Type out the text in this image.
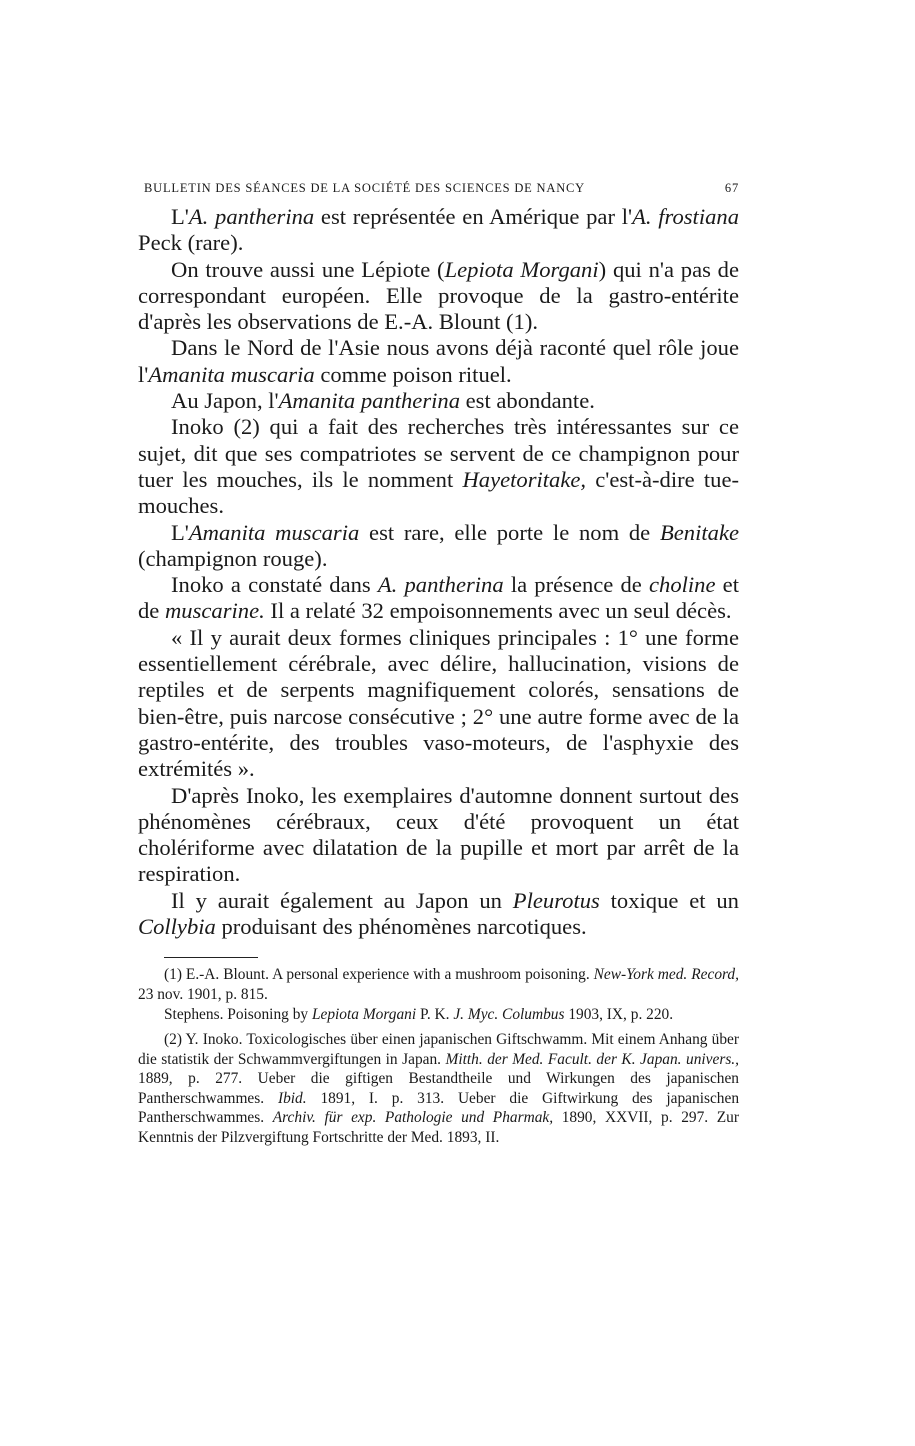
BULLETIN DES SÉANCES DE LA SOCIÉTÉ DES SCIENCES DE NANCY	67

L'A. pantherina est représentée en Amérique par l'A. frostiana Peck (rare).

On trouve aussi une Lépiote (Lepiota Morgani) qui n'a pas de correspondant européen. Elle provoque de la gastro-entérite d'après les observations de E.-A. Blount (1).

Dans le Nord de l'Asie nous avons déjà raconté quel rôle joue l'Amanita muscaria comme poison rituel.

Au Japon, l'Amanita pantherina est abondante.

Inoko (2) qui a fait des recherches très intéressantes sur ce sujet, dit que ses compatriotes se servent de ce champignon pour tuer les mouches, ils le nomment Hayetoritake, c'est-à-dire tue-mouches.

L'Amanita muscaria est rare, elle porte le nom de Benitake (champignon rouge).

Inoko a constaté dans A. pantherina la présence de choline et de muscarine. Il a relaté 32 empoisonnements avec un seul décès.

« Il y aurait deux formes cliniques principales : 1° une forme essentiellement cérébrale, avec délire, hallucination, visions de reptiles et de serpents magnifiquement colorés, sensations de bien-être, puis narcose consécutive ; 2° une autre forme avec de la gastro-entérite, des troubles vaso-moteurs, de l'asphyxie des extrémités ».

D'après Inoko, les exemplaires d'automne donnent surtout des phénomènes cérébraux, ceux d'été provoquent un état cholériforme avec dilatation de la pupille et mort par arrêt de la respiration.

Il y aurait également au Japon un Pleurotus toxique et un Collybia produisant des phénomènes narcotiques.

(1) E.-A. Blount. A personal experience with a mushroom poisoning. New-York med. Record, 23 nov. 1901, p. 815.

Stephens. Poisoning by Lepiota Morgani P. K. J. Myc. Columbus 1903, IX, p. 220.

(2) Y. Inoko. Toxicologisches über einen japanischen Giftschwamm. Mit einem Anhang über die statistik der Schwammvergiftungen in Japan. Mitth. der Med. Facult. der K. Japan. univers., 1889, p. 277. Ueber die giftigen Bestandtheile und Wirkungen des japanischen Pantherschwammes. Ibid. 1891, I. p. 313. Ueber die Giftwirkung des japanischen Pantherschwammes. Archiv. für exp. Pathologie und Pharmak, 1890, XXVII, p. 297. Zur Kenntnis der Pilzvergiftung Fortschritte der Med. 1893, II.
